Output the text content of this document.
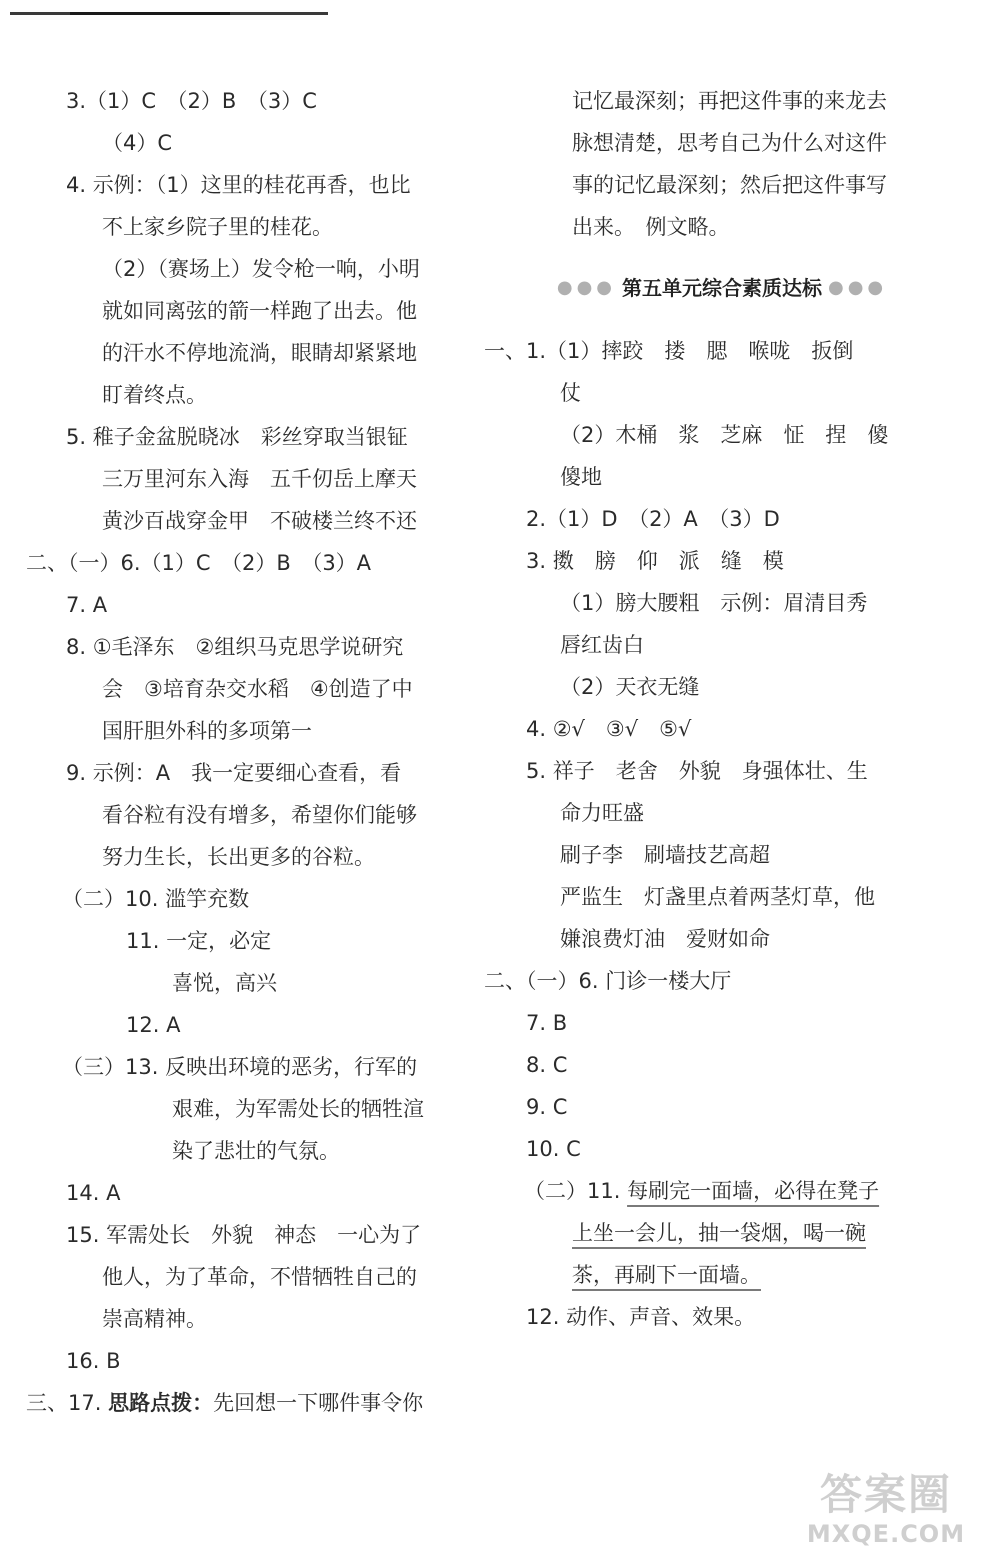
3.（1）C　（2）B　（3）C
（4）C
4. 示例：（1）这里的桂花再香，也比
不上家乡院子里的桂花。
（2）（赛场上）发令枪一响，小明
就如同离弦的箭一样跑了出去。他
的汗水不停地流淌，眼睛却紧紧地
盯着终点。
5. 稚子金盆脱晓冰　彩丝穿取当银钲
三万里河东入海　五千仞岳上摩天
黄沙百战穿金甲　不破楼兰终不还
二、（一）6.（1）C　（2）B　（3）A
7. A
8. ①毛泽东　②组织马克思学说研究
会　③培育杂交水稻　④创造了中
国肝胆外科的多项第一
9. 示例：A　我一定要细心查看，看
看谷粒有没有增多，希望你们能够
努力生长，长出更多的谷粒。
（二）10. 滥竽充数
11. 一定，必定
喜悦，高兴
12. A
（三）13. 反映出环境的恶劣，行军的
艰难，为军需处长的牺牲渲
染了悲壮的气氛。
14. A
15. 军需处长　外貌　神态　一心为了
他人，为了革命，不惜牺牲自己的
崇高精神。
16. B
三、17. 思路点拨：先回想一下哪件事令你
记忆最深刻；再把这件事的来龙去
脉想清楚，思考自己为什么对这件
事的记忆最深刻；然后把这件事写
出来。　例文略。
●●● 第五单元综合素质达标 ●●●
一、1.（1）摔跤　搂　腮　喉咙　扳倒
仗
（2）木桶　浆　芝麻　怔　捏　傻
傻地
2.（1）D　（2）A　（3）D
3. 擞　膀　仰　派　缝　模
（1）膀大腰粗　示例：眉清目秀
唇红齿白
（2）天衣无缝
4. ②√　③√　⑤√
5. 祥子　老舍　外貌　身强体壮、生
命力旺盛
刷子李　刷墙技艺高超
严监生　灯盏里点着两茎灯草，他
嫌浪费灯油　爱财如命
二、（一）6. 门诊一楼大厅
7. B
8. C
9. C
10. C
（二）11. 每刷完一面墙，必得在凳子
上坐一会儿，抽一袋烟，喝一碗
茶，再刷下一面墙。
12. 动作、声音、效果。
答案圈
MXQE.COM
